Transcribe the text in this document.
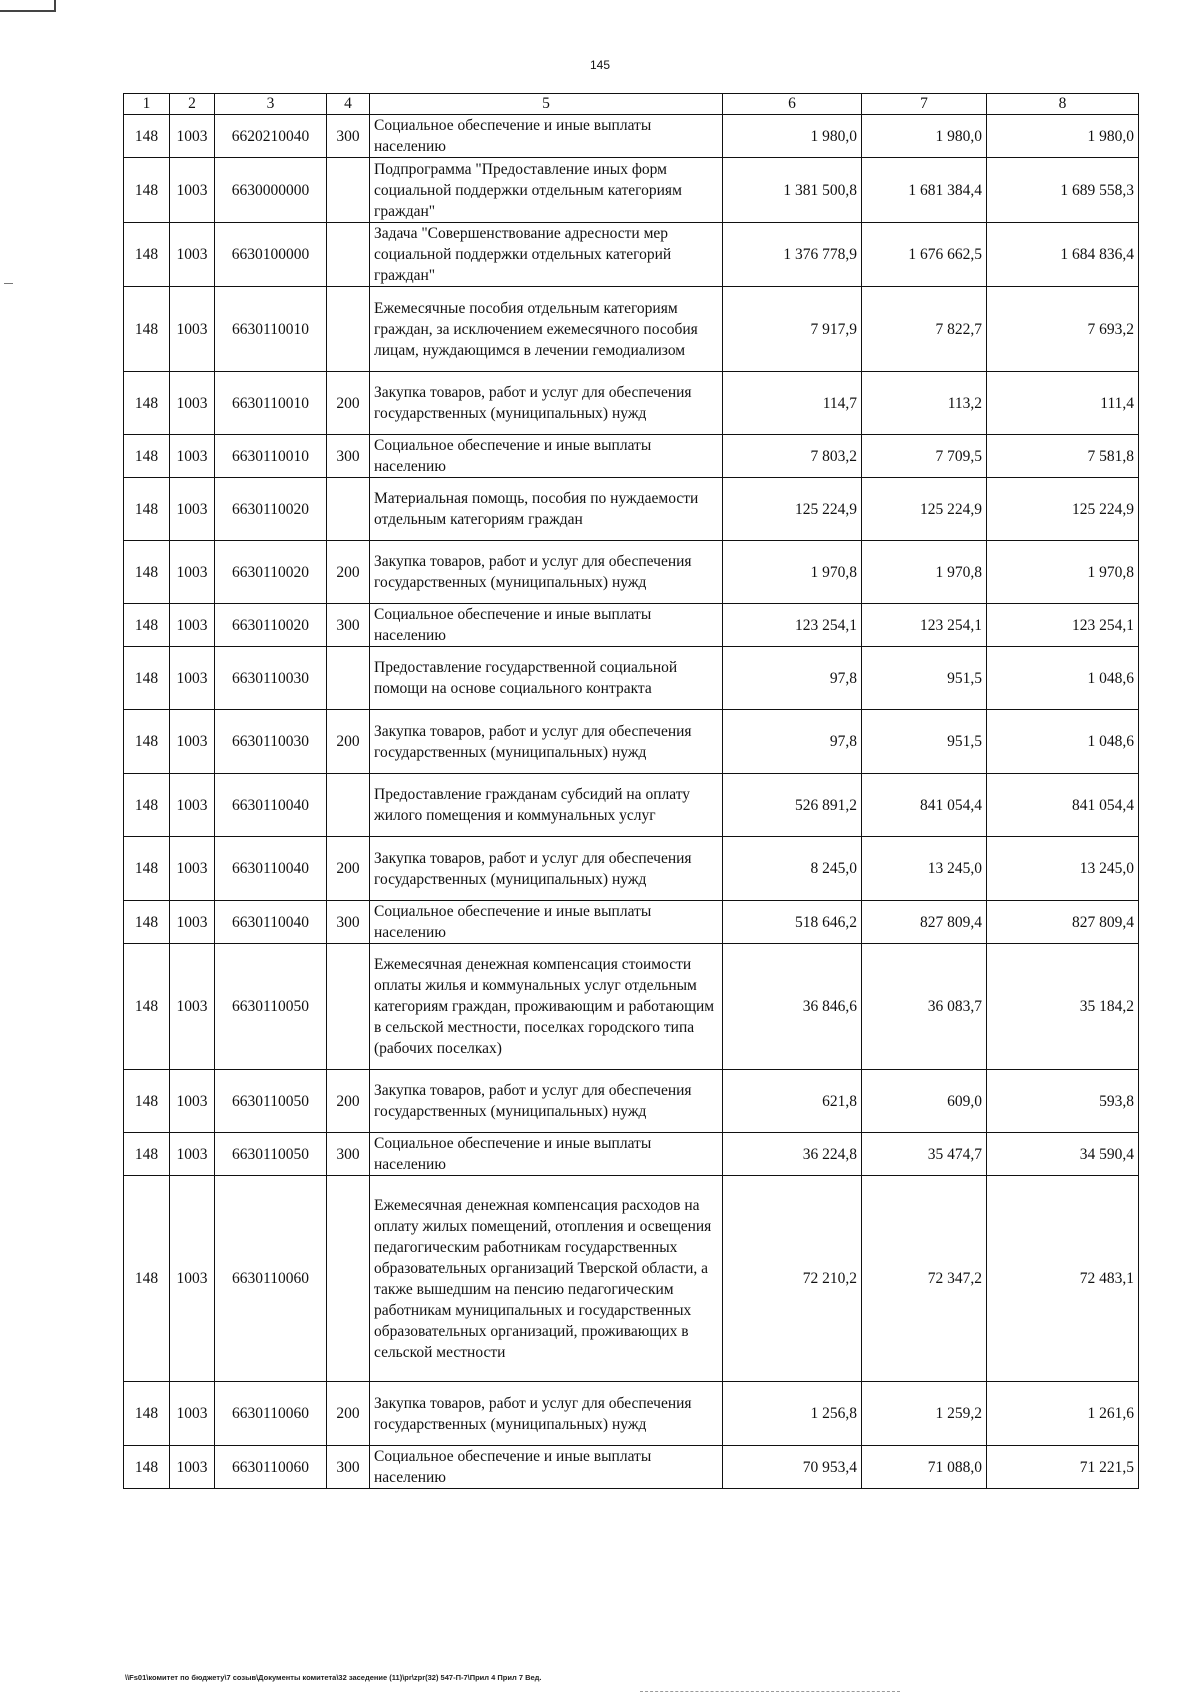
145
1	2	3	4	5	6	7	8
148	1003	6620210040	300	Социальное обеспечение и иные выплаты населению	1 980,0	1 980,0	1 980,0
148	1003	6630000000		Подпрограмма "Предоставление иных форм социальной поддержки отдельным категориям граждан"	1 381 500,8	1 681 384,4	1 689 558,3
148	1003	6630100000		Задача "Совершенствование адресности мер социальной поддержки отдельных категорий граждан"	1 376 778,9	1 676 662,5	1 684 836,4
148	1003	6630110010		Ежемесячные пособия отдельным категориям граждан, за исключением ежемесячного пособия лицам, нуждающимся в лечении гемодиализом	7 917,9	7 822,7	7 693,2
148	1003	6630110010	200	Закупка товаров, работ и услуг для обеспечения государственных (муниципальных) нужд	114,7	113,2	111,4
148	1003	6630110010	300	Социальное обеспечение и иные выплаты населению	7 803,2	7 709,5	7 581,8
148	1003	6630110020		Материальная помощь, пособия по нуждаемости отдельным категориям граждан	125 224,9	125 224,9	125 224,9
148	1003	6630110020	200	Закупка товаров, работ и услуг для обеспечения государственных (муниципальных) нужд	1 970,8	1 970,8	1 970,8
148	1003	6630110020	300	Социальное обеспечение и иные выплаты населению	123 254,1	123 254,1	123 254,1
148	1003	6630110030		Предоставление государственной социальной помощи на основе социального контракта	97,8	951,5	1 048,6
148	1003	6630110030	200	Закупка товаров, работ и услуг для обеспечения государственных (муниципальных) нужд	97,8	951,5	1 048,6
148	1003	6630110040		Предоставление гражданам субсидий на оплату жилого помещения и коммунальных услуг	526 891,2	841 054,4	841 054,4
148	1003	6630110040	200	Закупка товаров, работ и услуг для обеспечения государственных (муниципальных) нужд	8 245,0	13 245,0	13 245,0
148	1003	6630110040	300	Социальное обеспечение и иные выплаты населению	518 646,2	827 809,4	827 809,4
148	1003	6630110050		Ежемесячная денежная компенсация стоимости оплаты жилья и коммунальных услуг отдельным категориям граждан, проживающим и работающим в сельской местности, поселках городского типа (рабочих поселках)	36 846,6	36 083,7	35 184,2
148	1003	6630110050	200	Закупка товаров, работ и услуг для обеспечения государственных (муниципальных) нужд	621,8	609,0	593,8
148	1003	6630110050	300	Социальное обеспечение и иные выплаты населению	36 224,8	35 474,7	34 590,4
148	1003	6630110060		Ежемесячная денежная компенсация расходов на оплату жилых помещений, отопления и освещения педагогическим работникам государственных образовательных организаций Тверской области, а также вышедшим на пенсию педагогическим работникам муниципальных и государственных образовательных организаций, проживающих в сельской местности	72 210,2	72 347,2	72 483,1
148	1003	6630110060	200	Закупка товаров, работ и услуг для обеспечения государственных (муниципальных) нужд	1 256,8	1 259,2	1 261,6
148	1003	6630110060	300	Социальное обеспечение и иные выплаты населению	70 953,4	71 088,0	71 221,5
\\Fs01\комитет по бюджету\7 созыв\Документы комитета\32 заседение (11)\pr\zpr(32) 547-П-7\Прил 4 Прил 7 Вед.
